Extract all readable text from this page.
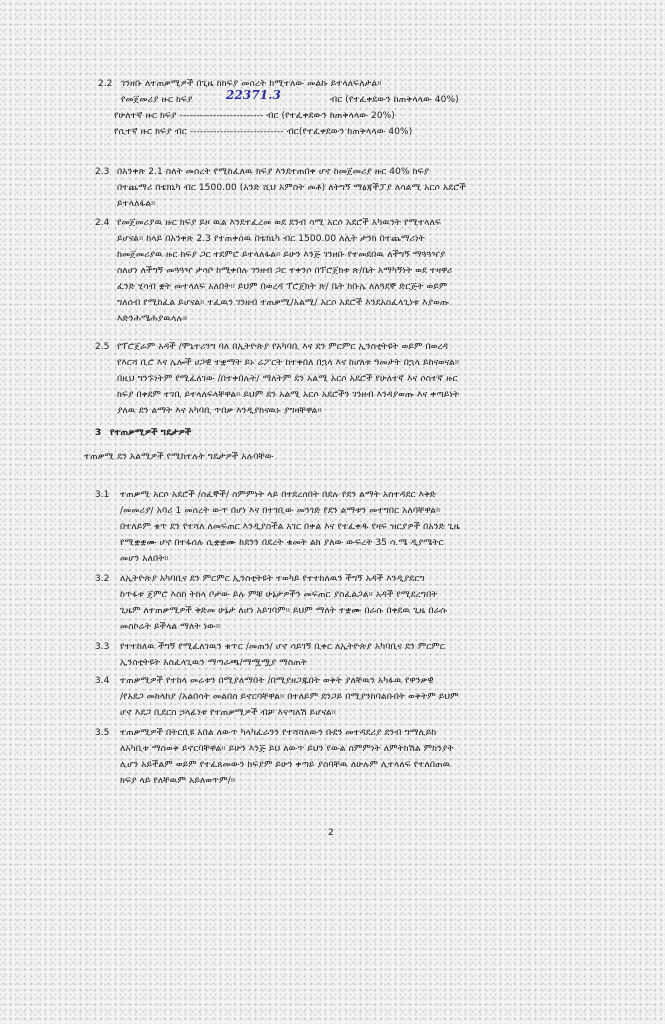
2.2 ገንዘቡ ለተጠቃሚዎች በጊዜ ከክፍያ መሰረት ከሚተለው መልኩ ይተላለፍለታል።
የመጀመሪያ ዙር ክፍያ	22371.3	ብር (የተፈቀደውን ከጠቅላላው 40%)
የሁለተኛ ዙር ክፍያ ------------------------- ብር (የተፈቀደውን ከጠቅላላው 20%)
የሲተኛ ዙር ክፍያ ብር ---------------------------- ብር(የተፈቀደውን ከጠቅላላው 40%)
2.3 በአንቀጽ 2.1 ስለት መሰረት የሚከፈለዉ ክፍያ እንደተጠበቀ ሆኖ ከመጀመሪያ ዙር 40% ክፍያ
በተጨማሪ በቴክኒካ ብር 1500.00 (አንድ ሺህ አምስት መቶ) ለትግኝ ማፅጃችፓያ ለሳልሚ አርሶ አደሮች
ይተላለፋል።
2.4 የመጀመሪያዉ ዙር ክፍያ ይዞ ዉል እንደተፈረመ ወደ ደንብ ሳሚ አርሶ አደሮች አካዉንት የሚተላለፍ
ይሆናል። ከላይ በአንቀጽ 2.3 የተጠቀሰዉ በቴክኒካ ብር 1500.00 ለሊት ታንክ በተጨማሪነት
ከመጀመሪያዉ ዙር ክፍያ ጋር ተደምሮ ይተላለፋል። ይሁን እንጅ ገንዘቡ የተመደበዉ ለችግኝ ማጓጓዣያ
ስለሆነ ለችግኝ መጓጓዣ ታሳቦ ከሚቀበሉ ገንዘብ ጋር ተቀንሶ በፕሮጀክቱ ጽ/ቤት አማካኝነት ወደ ተዛዋሪ
ፈንድ ሂሳብ ቋት መተላለፍ አለበት። ይህም በወረዳ ፕሮጀክት ጽ/ ቤት ከቡሌ ለለጓደኞ ድርጅት ወይም
ግለሰብ የሚከፈል ይሆናል። ተፈዉን ገንዘብ ተጠቃሚ/አልሚ/ አርሶ አደሮች እንደአስፈላጊነቱ እያወጡ
እድንሕሜሕያዉላሉ።
2.5 የፕሮጀራም አዳች /ሞኒተሪንግ ባለ በኢትዮጵያ የአካባቢ እና ደን ምርምር ኢንስቲትዩት ወይም በወረዳ
የእርሻ ቢሮ እና ሌሎች ሀጋዊ ተቋማት ይኑ ሬፖርት ከተቀበለ በኋላ እና ከሆለቱ ዓመታት በኋላ ይከናወናል።
በዚህ ግንኙነትም የሚፈለገው /በተቀበሉት/ ማለትም ደን አልሚ አርሶ አደሮች የሁለተኛ እና ሶስተኛ ዙር
ክፍያ በቀደም ተገቢ ይተላለፍላቸዋል። ይህም ደን አልሚ አርሶ አደሮችን ገንዘብ እንዳያወጡ እና ቀጣይነት
ያለዉ ደን ልማት እና አካባቢ ጥበቃ እንዲያከናዉኑ ያግዛቸዋል።
3 የተጠቃሚዎች ግዴታዎች
ተጠቃሚ ደን አልሚዎች የሚከተሉት ግዴታዎች አሉባቸው
3.1 ተጠቃሚ አርሶ አደሮች /ሰፈኞች/ ስምምነት ላይ በተደረሰበት በደሉ የደን ልማት አስተዳደር እቅድ
/መመሪያ/ አባሪ 1 መሰረት ውጥ በሆነ እና በተገቢው መንገድ የደን ልማቱን መተግበር አለባቸዋል።
በተለይም ቁጥ ደን የተሻለ ለመፍጠር እንዲያስችል አገር በቀል እና የተፈቀዱ የዛፍ ዝርያዎች በአንድ ጊዜ
የሚቋቋሙ ሆኖ በተፋሰሉ ሲቋቋሙ ከደንን በደረት ቁመት ልክ ያለው ውፍረት 35 ሳ.ሜ ዲያሜትር
መሆን አለበት።
3.2 ለኢትዮጵያ አካባቢና ደን ምርምር ኢንስቲትዩት ተወካይ የተተከለዉን ችግኝ አዳች እንዲያደርግ
ከጥፋቱ ጀምሮ እስከ ትከላ ቦታው ይሉ ምቹ ሁኔታዎችን መፍጠር ያስፈልጋል። አዳች የሚደረግበት
ጊዜም ለተጠቃሚዎች ቅድመ ሁኔታ ለሆነ አይገባም። ይህም ማለት ተቋሙ በራሱ በቀደዉ ጊዜ በራሱ
መስኮሬት ይችላል ማለት ነው።
3.3 የተተከለዉ ችግኝ የሚፈለገዉን ቁጥር /መጠን/ ሆኖ ሳይገኝ ቢቀር ለኢትዮጵያ አካባቢና ደን ምርምር
ኢንስቲትዩት አስፈላጊዉን ማጣራጫ/ማሟሟያ ማስጠት
3.4 ተጠቃሚዎች የተከላ መሬቱን በሚያለማበት /በሚያዘጋጁበት ወቅት ያለቸዉን አካፋዉ የዋንቃዊ
/የአደጋ መከላከያ /አልበሳት መልበስ ይኖርባቸዋል። በተለይም ደንጋይ በሚያንከባልቡበት ወቅትም ይህም
ሆኖ እደጋ ቢደርስ ኃላፊነቱ የተጠቃሚዎች ብቻ እናጣለሽ ይሆናል።
3.5 ተጠቃሚዎች በትርቢዩ አበል ለውጥ ካላካፈራንን የተሻሻለውን ቡደን መተዳደሪያ ደንብ ግማሊይከ
ለአካቢቱ ማስወቅ ይኖርባቸዋል። ይሁን እንጅ ይህ ለውጥ ይህን የውል ስምምነት ለምትክሽል ምክንያት
ሊሆን አይችልም ወይም የተፈጸመውን ክፍያም ይሁን ቀጣይ ያስባቸዉ ለሁሉም ሊተላለፍ የተለበጠዉ
ክፍያ ላይ የለቸዉም አይለወጥም/።
2
